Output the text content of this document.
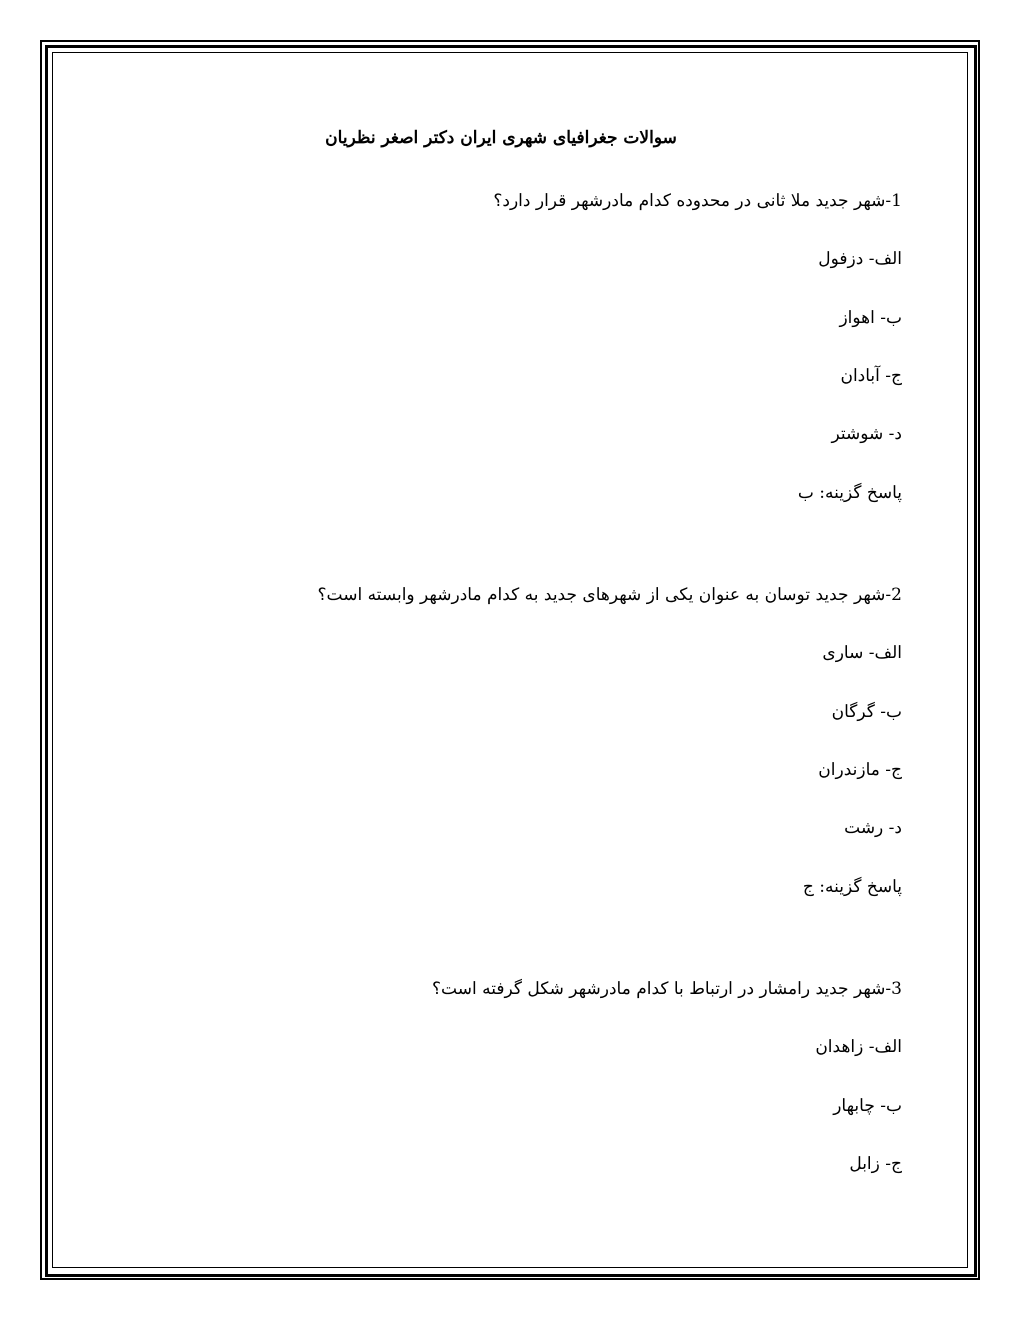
سوالات جغرافیای شهری ایران دکتر اصغر نظریان
1-شهر جدید ملا ثانی در محدوده کدام مادرشهر قرار دارد؟
الف- دزفول
ب- اهواز
ج- آبادان
د- شوشتر
پاسخ گزینه: ب
2-شهر جدید توسان به عنوان یکی از شهرهای جدید به کدام مادرشهر وابسته است؟
الف- ساری
ب- گرگان
ج- مازندران
د- رشت
پاسخ گزینه: ج
3-شهر جدید رامشار در ارتباط با کدام مادرشهر شکل گرفته است؟
الف- زاهدان
ب- چابهار
ج- زابل
